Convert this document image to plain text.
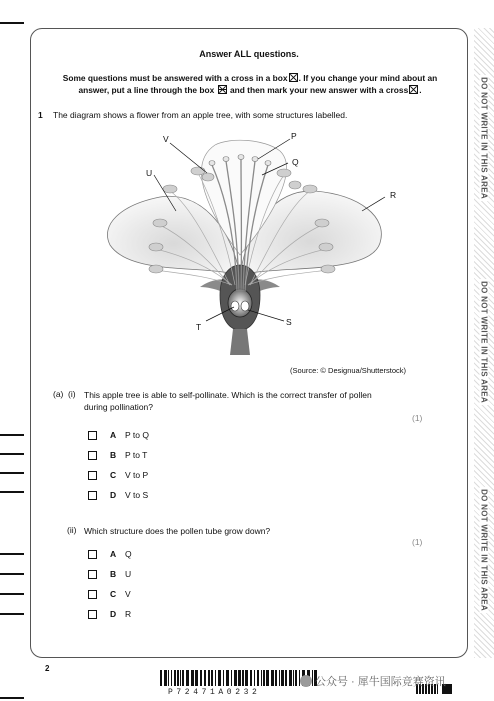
DO NOT WRITE IN THIS AREA
DO NOT WRITE IN THIS AREA
DO NOT WRITE IN THIS AREA
Answer ALL questions.
Some questions must be answered with a cross in a box☒. If you change your mind about an
answer, put a line through the box and then mark your new answer with a cross☒.
1 The diagram shows a flower from an apple tree, with some structures labelled.
V	P
Q
U
R
T	S
(Source: © Designua/Shutterstock)
(a) (i) This apple tree is able to self-pollinate. Which is the correct transfer of pollen
during pollination?
(1)
A P to Q
B P to T
C V to P
D V to S
(ii) Which structure does the pollen tube grow down?
(1)
A Q
B U
C V
D R
2
P72471A0232
公众号 · 犀牛国际竞赛资讯
